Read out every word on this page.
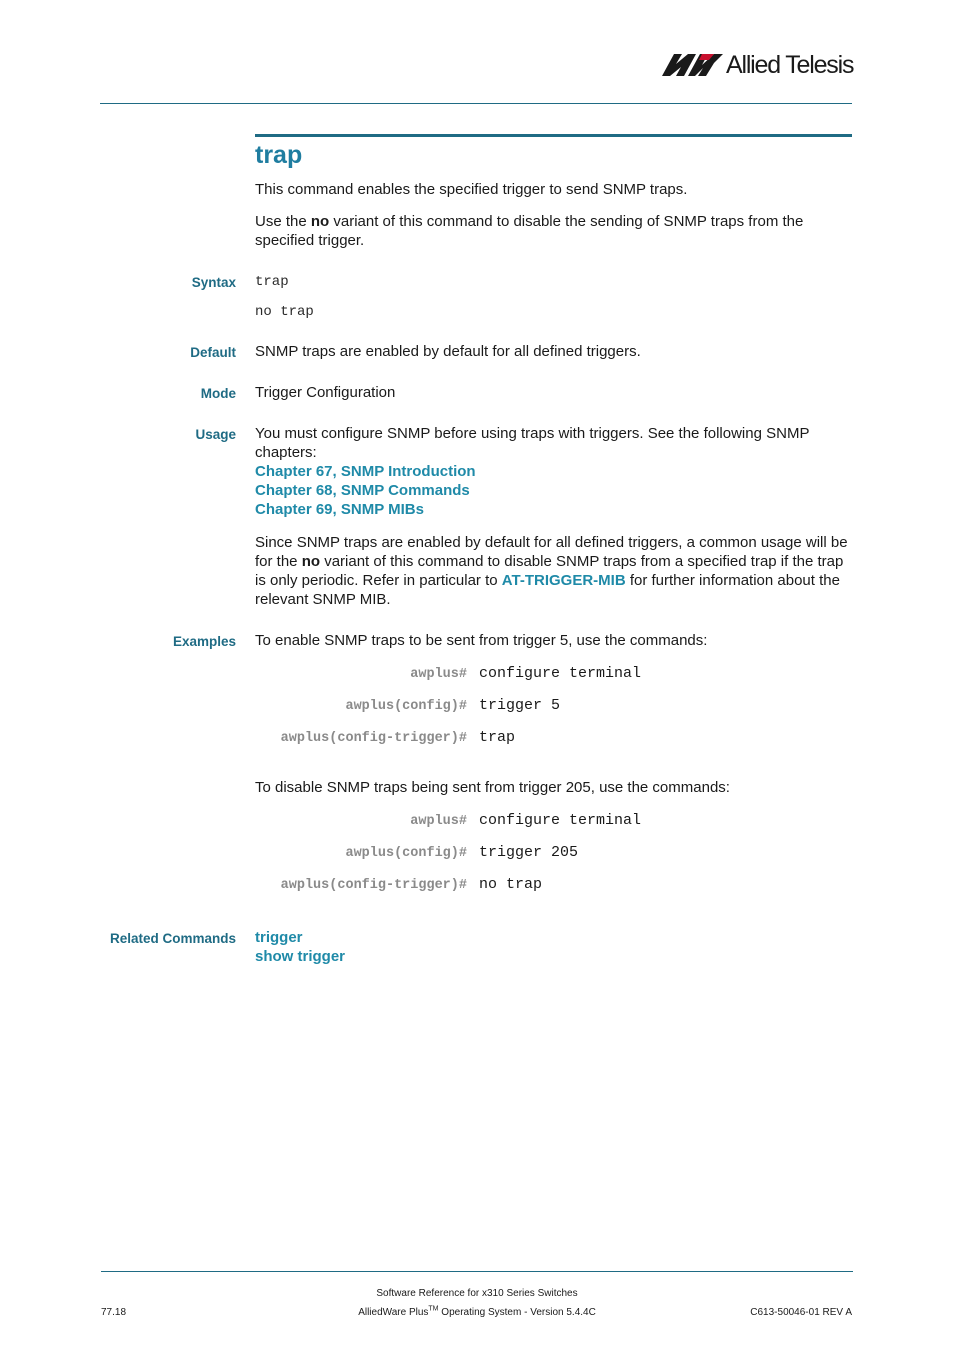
Allied Telesis
trap
This command enables the specified trigger to send SNMP traps.
Use the no variant of this command to disable the sending of SNMP traps from the specified trigger.
Syntax trap
no trap
Default SNMP traps are enabled by default for all defined triggers.
Mode Trigger Configuration
Usage You must configure SNMP before using traps with triggers. See the following SNMP chapters:
Chapter 67, SNMP Introduction
Chapter 68, SNMP Commands
Chapter 69, SNMP MIBs
Since SNMP traps are enabled by default for all defined triggers, a common usage will be for the no variant of this command to disable SNMP traps from a specified trap if the trap is only periodic. Refer in particular to AT-TRIGGER-MIB for further information about the relevant SNMP MIB.
Examples To enable SNMP traps to be sent from trigger 5, use the commands:
awplus# configure terminal
awplus(config)# trigger 5
awplus(config-trigger)# trap
To disable SNMP traps being sent from trigger 205, use the commands:
awplus# configure terminal
awplus(config)# trigger 205
awplus(config-trigger)# no trap
Related Commands trigger
show trigger
Software Reference for x310 Series Switches
AlliedWare Plus™ Operating System - Version 5.4.4C
77.18	C613-50046-01 REV A
